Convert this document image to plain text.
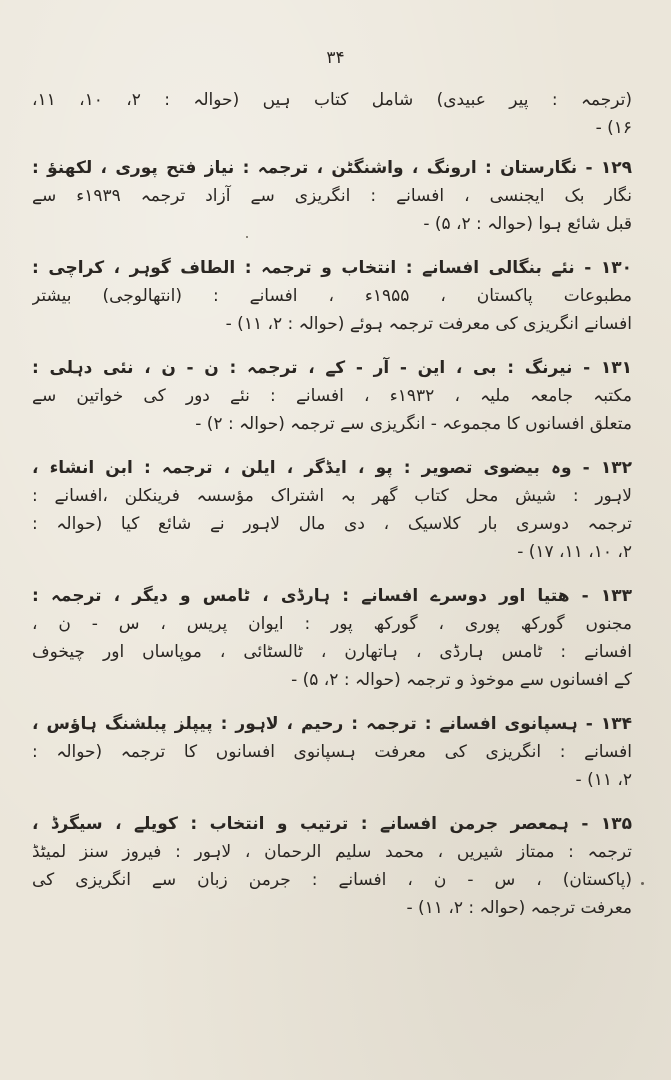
۳۴
(ترجمہ : پیر عبیدی) شامل کتاب ہیں (حوالہ : ۲، ۱۰، ۱۱،
۱۶) -
۱۲۹ - نگارستان : ارونگ ، واشنگٹن ، ترجمہ : نیاز فتح پوری ، لکھنؤ :
نگار بک ایجنسی ، افسانے : انگریزی سے آزاد ترجمہ ۱۹۳۹ء سے
قبل شائع ہوا (حوالہ : ۲، ۵) -
۱۳۰ - نئے بنگالی افسانے : انتخاب و ترجمہ : الطاف گوہر ، کراچی :
مطبوعات پاکستان ، ۱۹۵۵ء ، افسانے : (انتھالوجی) بیشتر
افسانے انگریزی کی معرفت ترجمہ ہوئے (حوالہ : ۲، ۱۱) -
۱۳۱ - نیرنگ : بی ، این - آر - کے ، ترجمہ : ن - ن ، نئی دہلی :
مکتبہ جامعہ ملیہ ، ۱۹۳۲ء ، افسانے : نئے دور کی خواتین سے
متعلق افسانوں کا مجموعہ - انگریزی سے ترجمہ (حوالہ : ۲) -
۱۳۲ - وہ بیضوی تصویر : پو ، ایڈگر ، ایلن ، ترجمہ : ابن انشاء ،
لاہور : شیش محل کتاب گھر بہ اشتراک مؤسسہ فرینکلن ،افسانے :
ترجمہ دوسری بار کلاسیک ، دی مال لاہور نے شائع کیا (حوالہ :
۲، ۱۰، ۱۱، ۱۷) -
۱۳۳ - ھتیا اور دوسرے افسانے : ہارڈی ، ٹامس و دیگر ، ترجمہ :
مجنوں گورکھ پوری ، گورکھ پور : ایوان پریس ، س - ن ،
افسانے : ٹامس ہارڈی ، ہاتھارن ، ٹالسٹائی ، موپاساں اور چیخوف
کے افسانوں سے موخوذ و ترجمہ (حوالہ : ۲، ۵) -
۱۳۴ - ہسپانوی افسانے : ترجمہ : رحیم ، لاہور : پیپلز پبلشنگ ہاؤس ،
افسانے : انگریزی کی معرفت ہسپانوی افسانوں کا ترجمہ (حوالہ :
۲، ۱۱) -
۱۳۵ - ہمعصر جرمن افسانے : ترتیب و انتخاب : کویلے ، سیگرڈ ،
ترجمہ : ممتاز شیریں ، محمد سلیم الرحمان ، لاہور : فیروز سنز لمیٹڈ
(پاکستان) ، س - ن ، افسانے : جرمن زبان سے انگریزی کی
معرفت ترجمہ (حوالہ : ۲، ۱۱) -
